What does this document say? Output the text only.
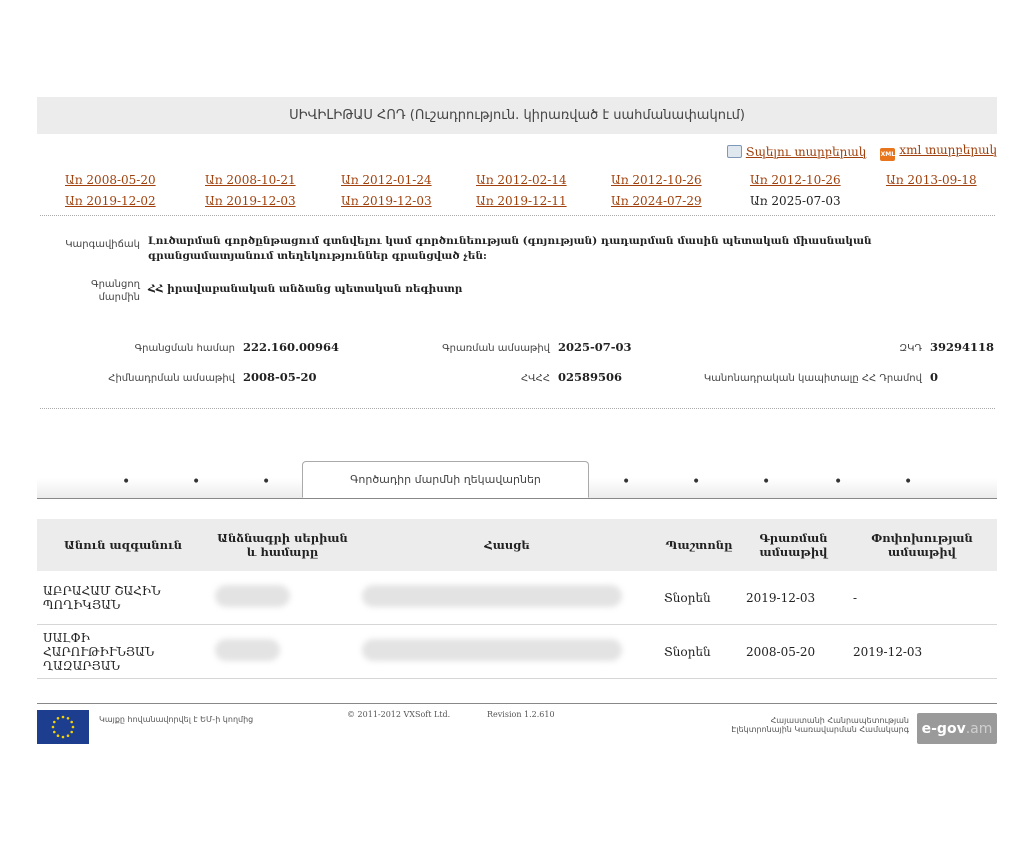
ՍԻՎԻԼԻԹԱՍ ՀՈԴ (Ուշադրություն. կիրառված է սահմանափակում)
Տպելու տարբերակ XML xml տարբերակ
Առ 2008-05-20	Առ 2008-10-21	Առ 2012-01-24	Առ 2012-02-14	Առ 2012-10-26	Առ 2012-10-26	Առ 2013-09-18
Առ 2019-12-02	Առ 2019-12-03	Առ 2019-12-03	Առ 2019-12-11	Առ 2024-07-29	Առ 2025-07-03
Կարգավիճակ Լուծարման գործընթացում գտնվելու կամ գործունեության (գոյության) դադարման մասին պետական միասնական գրանցամատյանում տեղեկություններ գրանցված չեն:
Գրանցող մարմին
ՀՀ իրավաբանական անձանց պետական ռեգիստր
Գրանցման համար 222.160.00964	Գրառման ամսաթիվ 2025-07-03	ԶԿԴ 39294118
Հիմնադրման ամսաթիվ 2008-05-20	ՀՎՀՀ 02589506	Կանոնադրական կապիտալը ՀՀ Դրամով 0
•	•	•	Գործադիր մարմնի ղեկավարներ	•	•	•	•	•
Անուն ազգանուն	Անձնագրի սերիան և համարը	Հասցե	Պաշտոնը	Գրառման ամսաթիվ	Փոփոխության ամսաթիվ
ԱԲՐԱՀԱՄ ՇԱՀԻՆ ՊՈՂԻԿՅԱՆ			Տնօրեն	2019-12-03	-
ՍԱԼՓԻ ՀԱՐՈՒԹԻՒՆՅԱՆ ՂԱԶԱՐՅԱՆ			Տնօրեն	2008-05-20	2019-12-03
Կայքը հովանավորվել է ԵՄ-ի կողմից
© 2011-2012 VXSoft Ltd.	Revision 1.2.610
Հայաստանի Հանրապետության
Էլեկտրոնային Կառավարման Համակարգ e-gov .am
